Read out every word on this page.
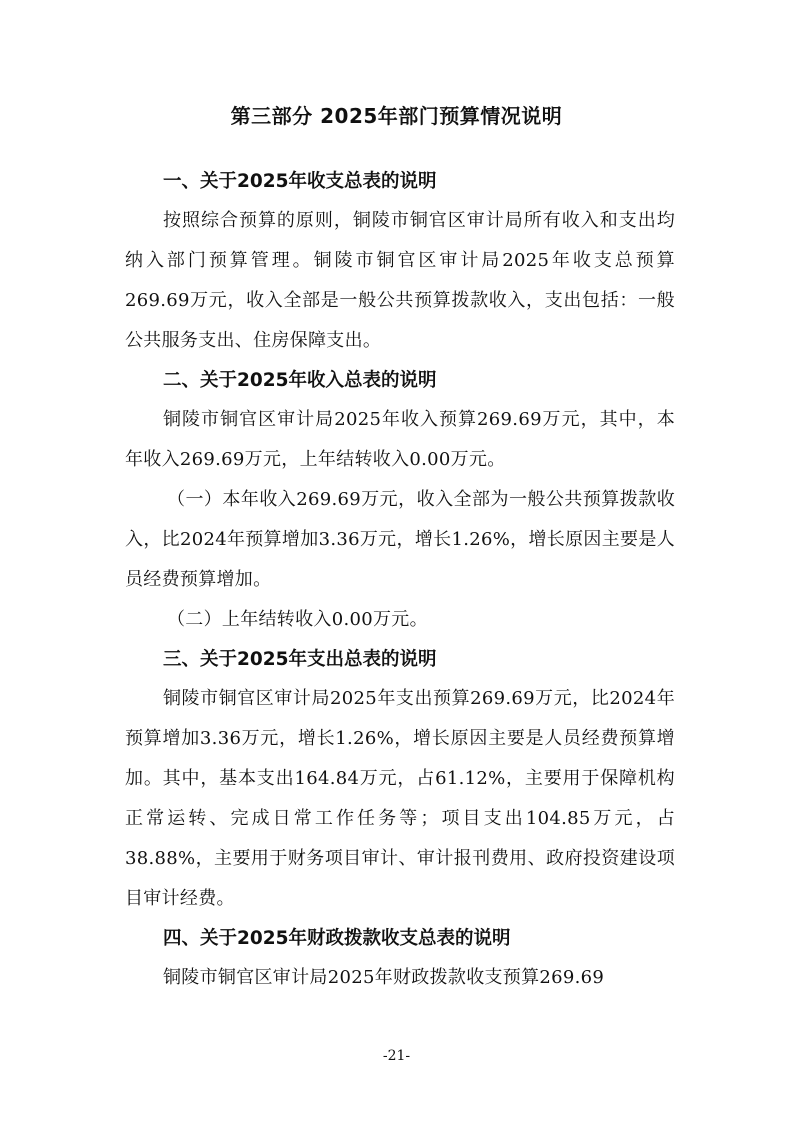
第三部分 2025年部门预算情况说明
一、关于2025年收支总表的说明

按照综合预算的原则，铜陵市铜官区审计局所有收入和支出均纳入部门预算管理。铜陵市铜官区审计局2025年收支总预算269.69万元，收入全部是一般公共预算拨款收入，支出包括：一般公共服务支出、住房保障支出。

二、关于2025年收入总表的说明

铜陵市铜官区审计局2025年收入预算269.69万元，其中，本年收入269.69万元，上年结转收入0.00万元。

（一）本年收入269.69万元，收入全部为一般公共预算拨款收入，比2024年预算增加3.36万元，增长1.26%，增长原因主要是人员经费预算增加。

（二）上年结转收入0.00万元。

三、关于2025年支出总表的说明

铜陵市铜官区审计局2025年支出预算269.69万元，比2024年预算增加3.36万元，增长1.26%，增长原因主要是人员经费预算增加。其中，基本支出164.84万元，占61.12%，主要用于保障机构正常运转、完成日常工作任务等；项目支出104.85万元，占38.88%，主要用于财务项目审计、审计报刊费用、政府投资建设项目审计经费。

四、关于2025年财政拨款收支总表的说明

铜陵市铜官区审计局2025年财政拨款收支预算269.69

-21-
